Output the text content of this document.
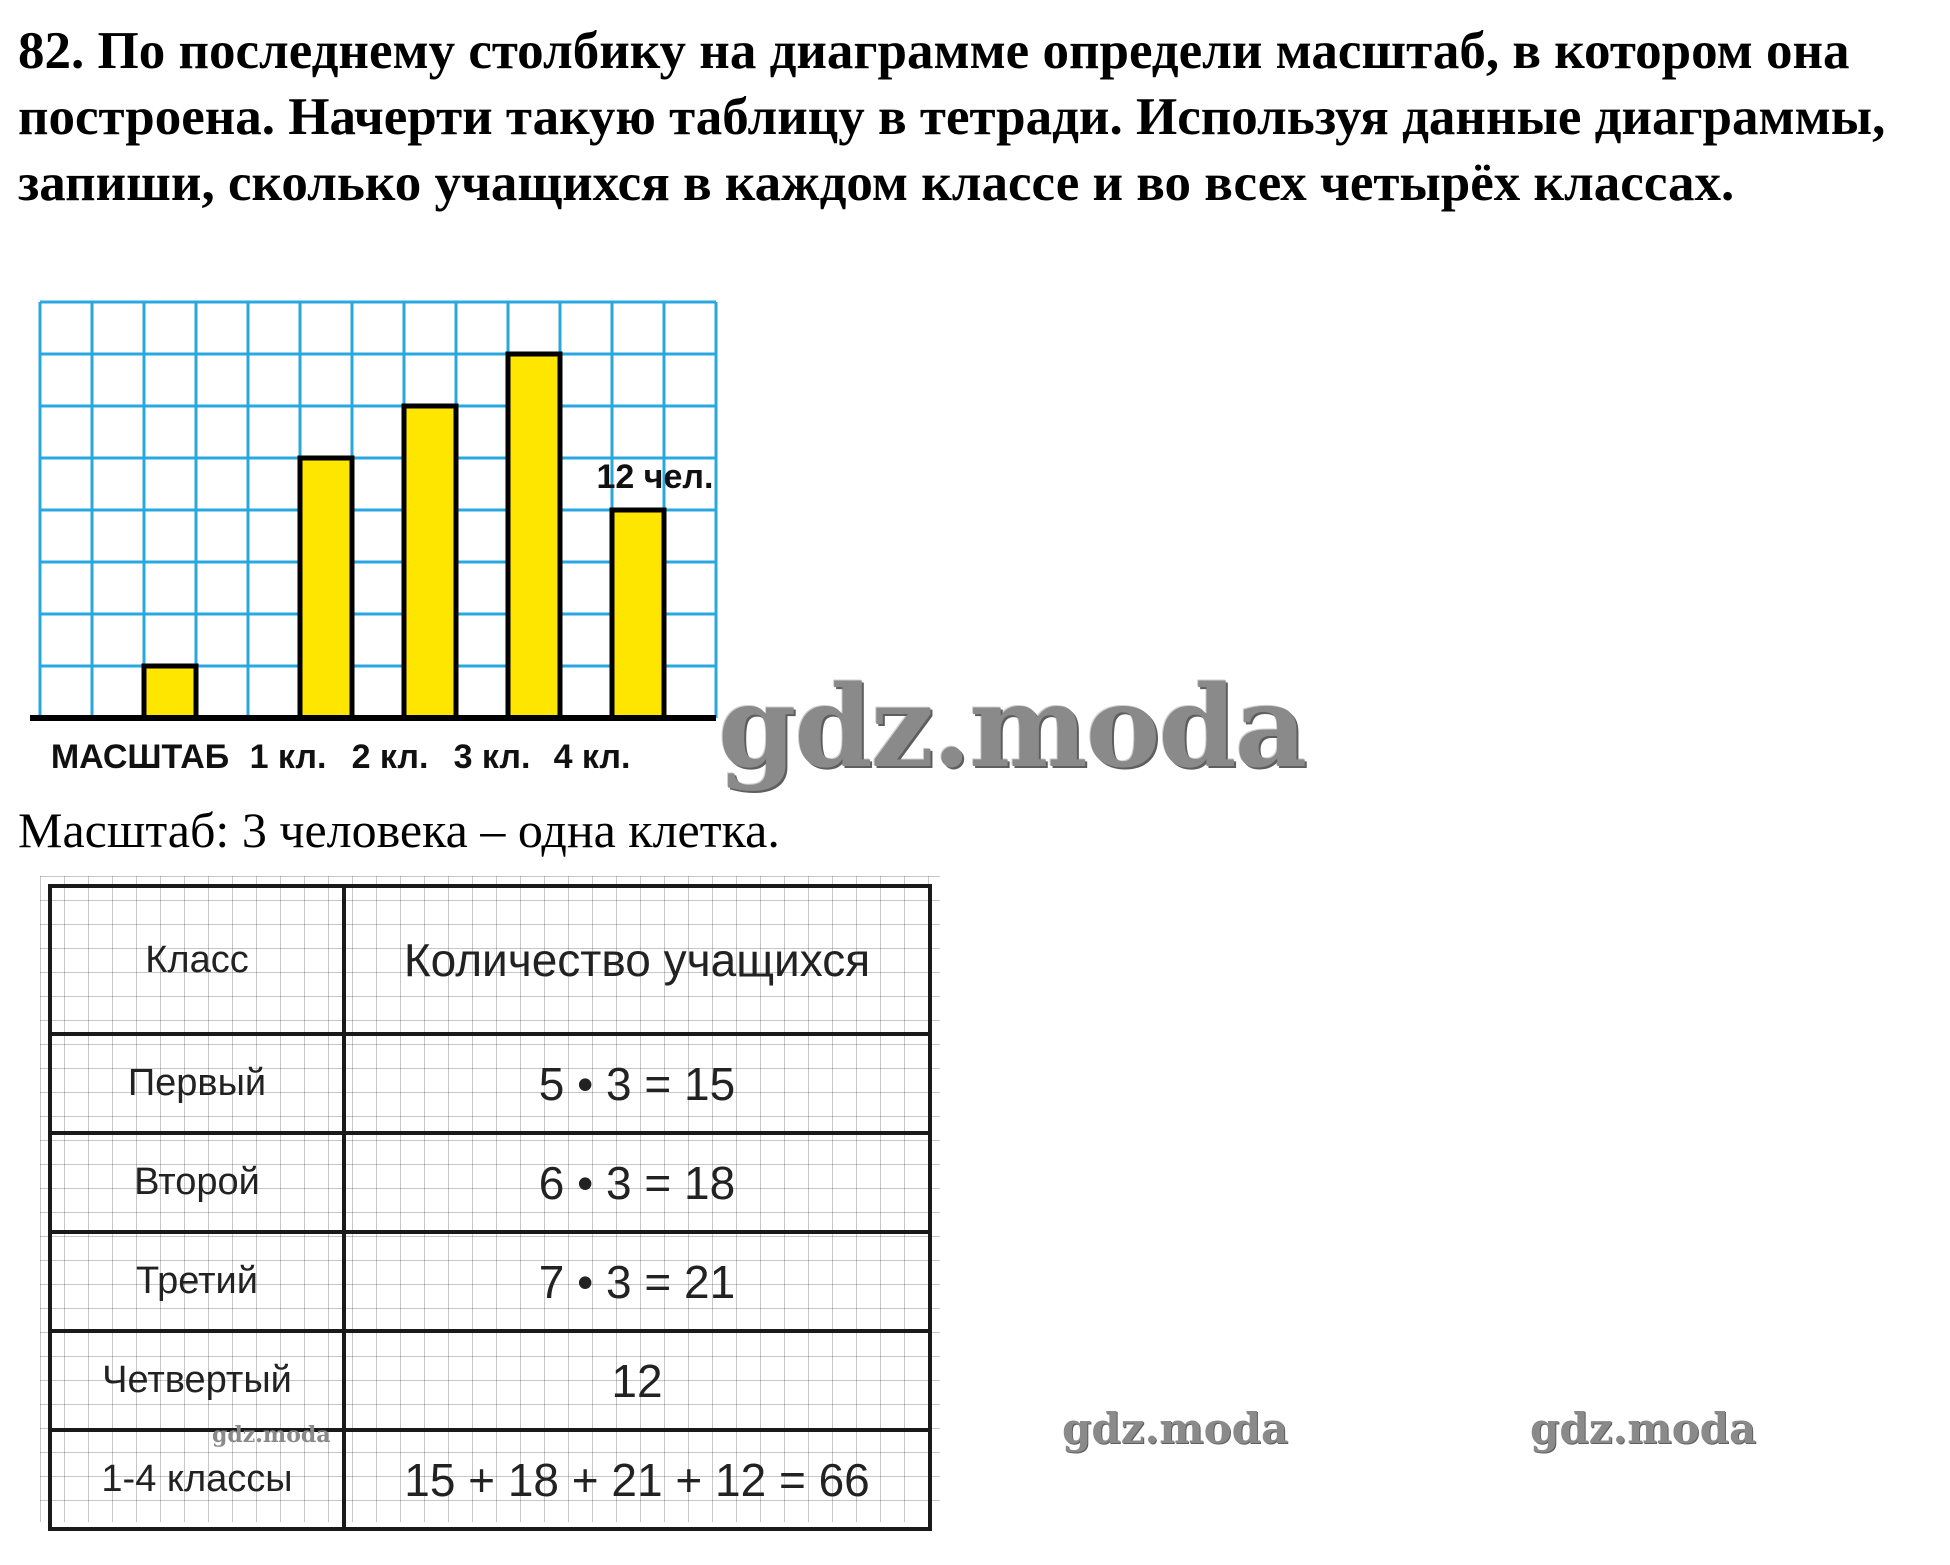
82. По последнему столбику на диаграмме определи масштаб, в котором она построена. Начерти такую таблицу в тетради. Используя данные диаграммы, запиши, сколько учащихся в каждом классе и во всех четырёх классах.
МАСШТАБ 1 кл. 2 кл. 3 кл. 4 кл.
12 чел.
gdz.moda
Масштаб: 3 человека – одна клетка.
Класс	Количество учащихся
Первый	5 • 3 = 15
Второй	6 • 3 = 18
Третий	7 • 3 = 21
Четвертый	12
1-4 классы	15 + 18 + 21 + 12 = 66
gdz.moda	gdz.moda	gdz.moda
